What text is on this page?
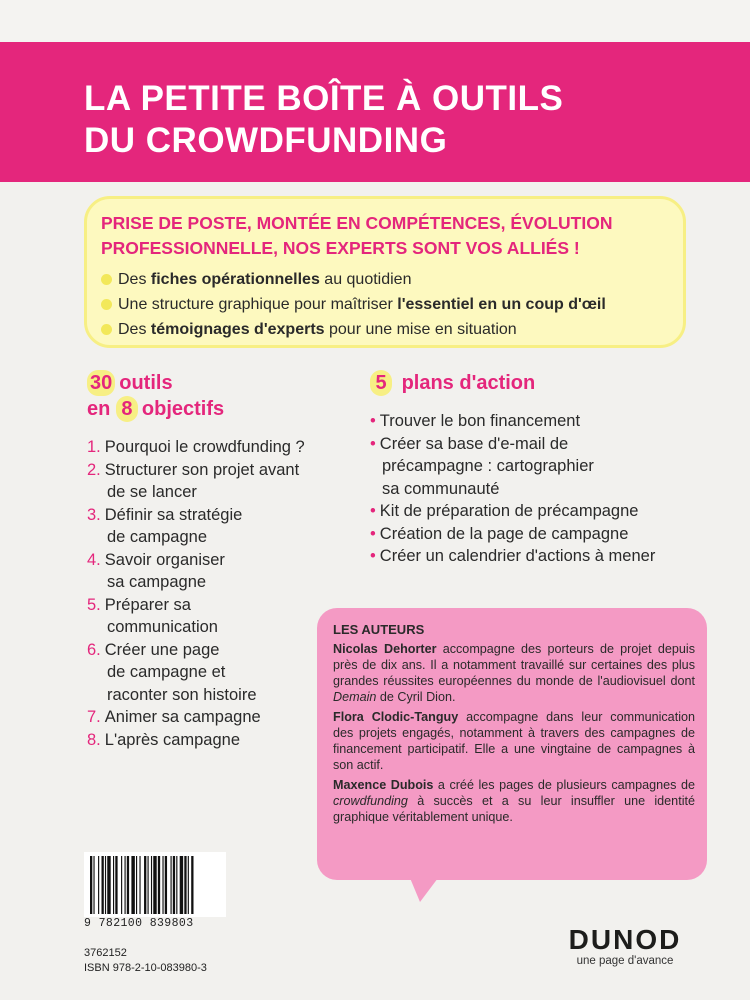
LA PETITE BOÎTE À OUTILS
DU CROWDFUNDING
PRISE DE POSTE, MONTÉE EN COMPÉTENCES, ÉVOLUTION
PROFESSIONNELLE, NOS EXPERTS SONT VOS ALLIÉS !
Des fiches opérationnelles au quotidien
Une structure graphique pour maîtriser l'essentiel en un coup d'œil
Des témoignages d'experts pour une mise en situation
30 outils
en 8 objectifs
1. Pourquoi le crowdfunding ?
2. Structurer son projet avant
de se lancer
3. Définir sa stratégie
de campagne
4. Savoir organiser
sa campagne
5. Préparer sa
communication
6. Créer une page
de campagne et
raconter son histoire
7. Animer sa campagne
8. L'après campagne
5 plans d'action
• Trouver le bon financement
• Créer sa base d'e-mail de
précampagne : cartographier
sa communauté
• Kit de préparation de précampagne
• Création de la page de campagne
• Créer un calendrier d'actions à mener
LES AUTEURS

Nicolas Dehorter accompagne des porteurs de projet depuis près de dix ans. Il a notamment travaillé sur certaines des plus grandes réussites européennes du monde de l'audiovisuel dont Demain de Cyril Dion.

Flora Clodic-Tanguy accompagne dans leur communication des projets engagés, notamment à travers des campagnes de financement participatif. Elle a une vingtaine de campagnes à son actif.

Maxence Dubois a créé les pages de plusieurs campagnes de crowdfunding à succès et a su leur insuffler une identité graphique véritablement unique.

9 782100 839803
3762152
ISBN 978-2-10-083980-3
DUNOD
une page d'avance
